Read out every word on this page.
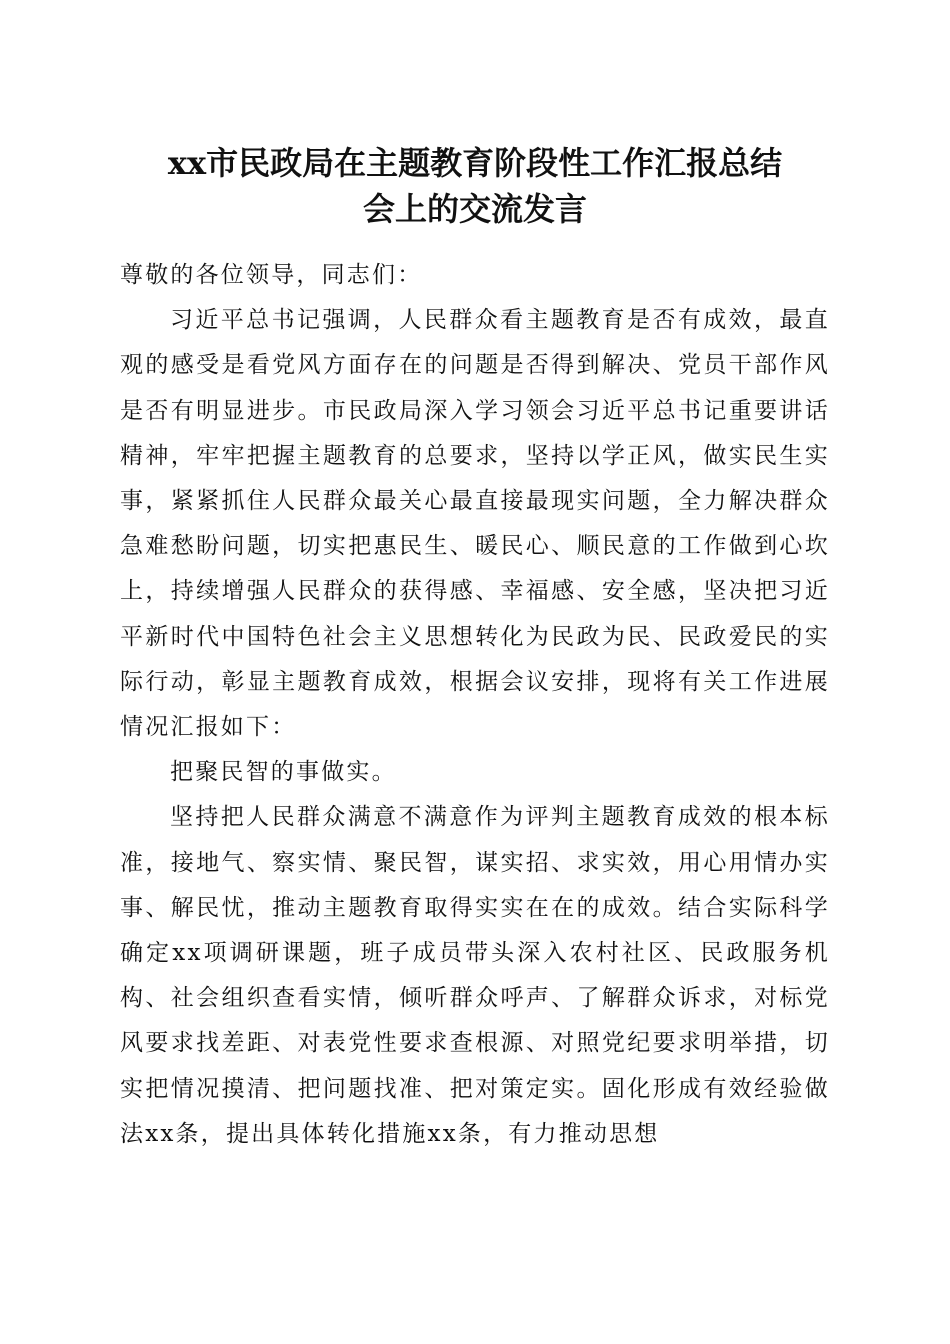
xx市民政局在主题教育阶段性工作汇报总结
会上的交流发言

尊敬的各位领导，同志们：

习近平总书记强调，人民群众看主题教育是否有成效，最直观的感受是看党风方面存在的问题是否得到解决、党员干部作风是否有明显进步。市民政局深入学习领会习近平总书记重要讲话精神，牢牢把握主题教育的总要求，坚持以学正风，做实民生实事，紧紧抓住人民群众最关心最直接最现实问题，全力解决群众急难愁盼问题，切实把惠民生、暖民心、顺民意的工作做到心坎上，持续增强人民群众的获得感、幸福感、安全感，坚决把习近平新时代中国特色社会主义思想转化为民政为民、民政爱民的实际行动，彰显主题教育成效，根据会议安排，现将有关工作进展情况汇报如下：

把聚民智的事做实。

坚持把人民群众满意不满意作为评判主题教育成效的根本标准，接地气、察实情、聚民智，谋实招、求实效，用心用情办实事、解民忧，推动主题教育取得实实在在的成效。结合实际科学确定xx项调研课题，班子成员带头深入农村社区、民政服务机构、社会组织查看实情，倾听群众呼声、了解群众诉求，对标党风要求找差距、对表党性要求查根源、对照党纪要求明举措，切实把情况摸清、把问题找准、把对策定实。固化形成有效经验做法xx条，提出具体转化措施xx条，有力推动思想
